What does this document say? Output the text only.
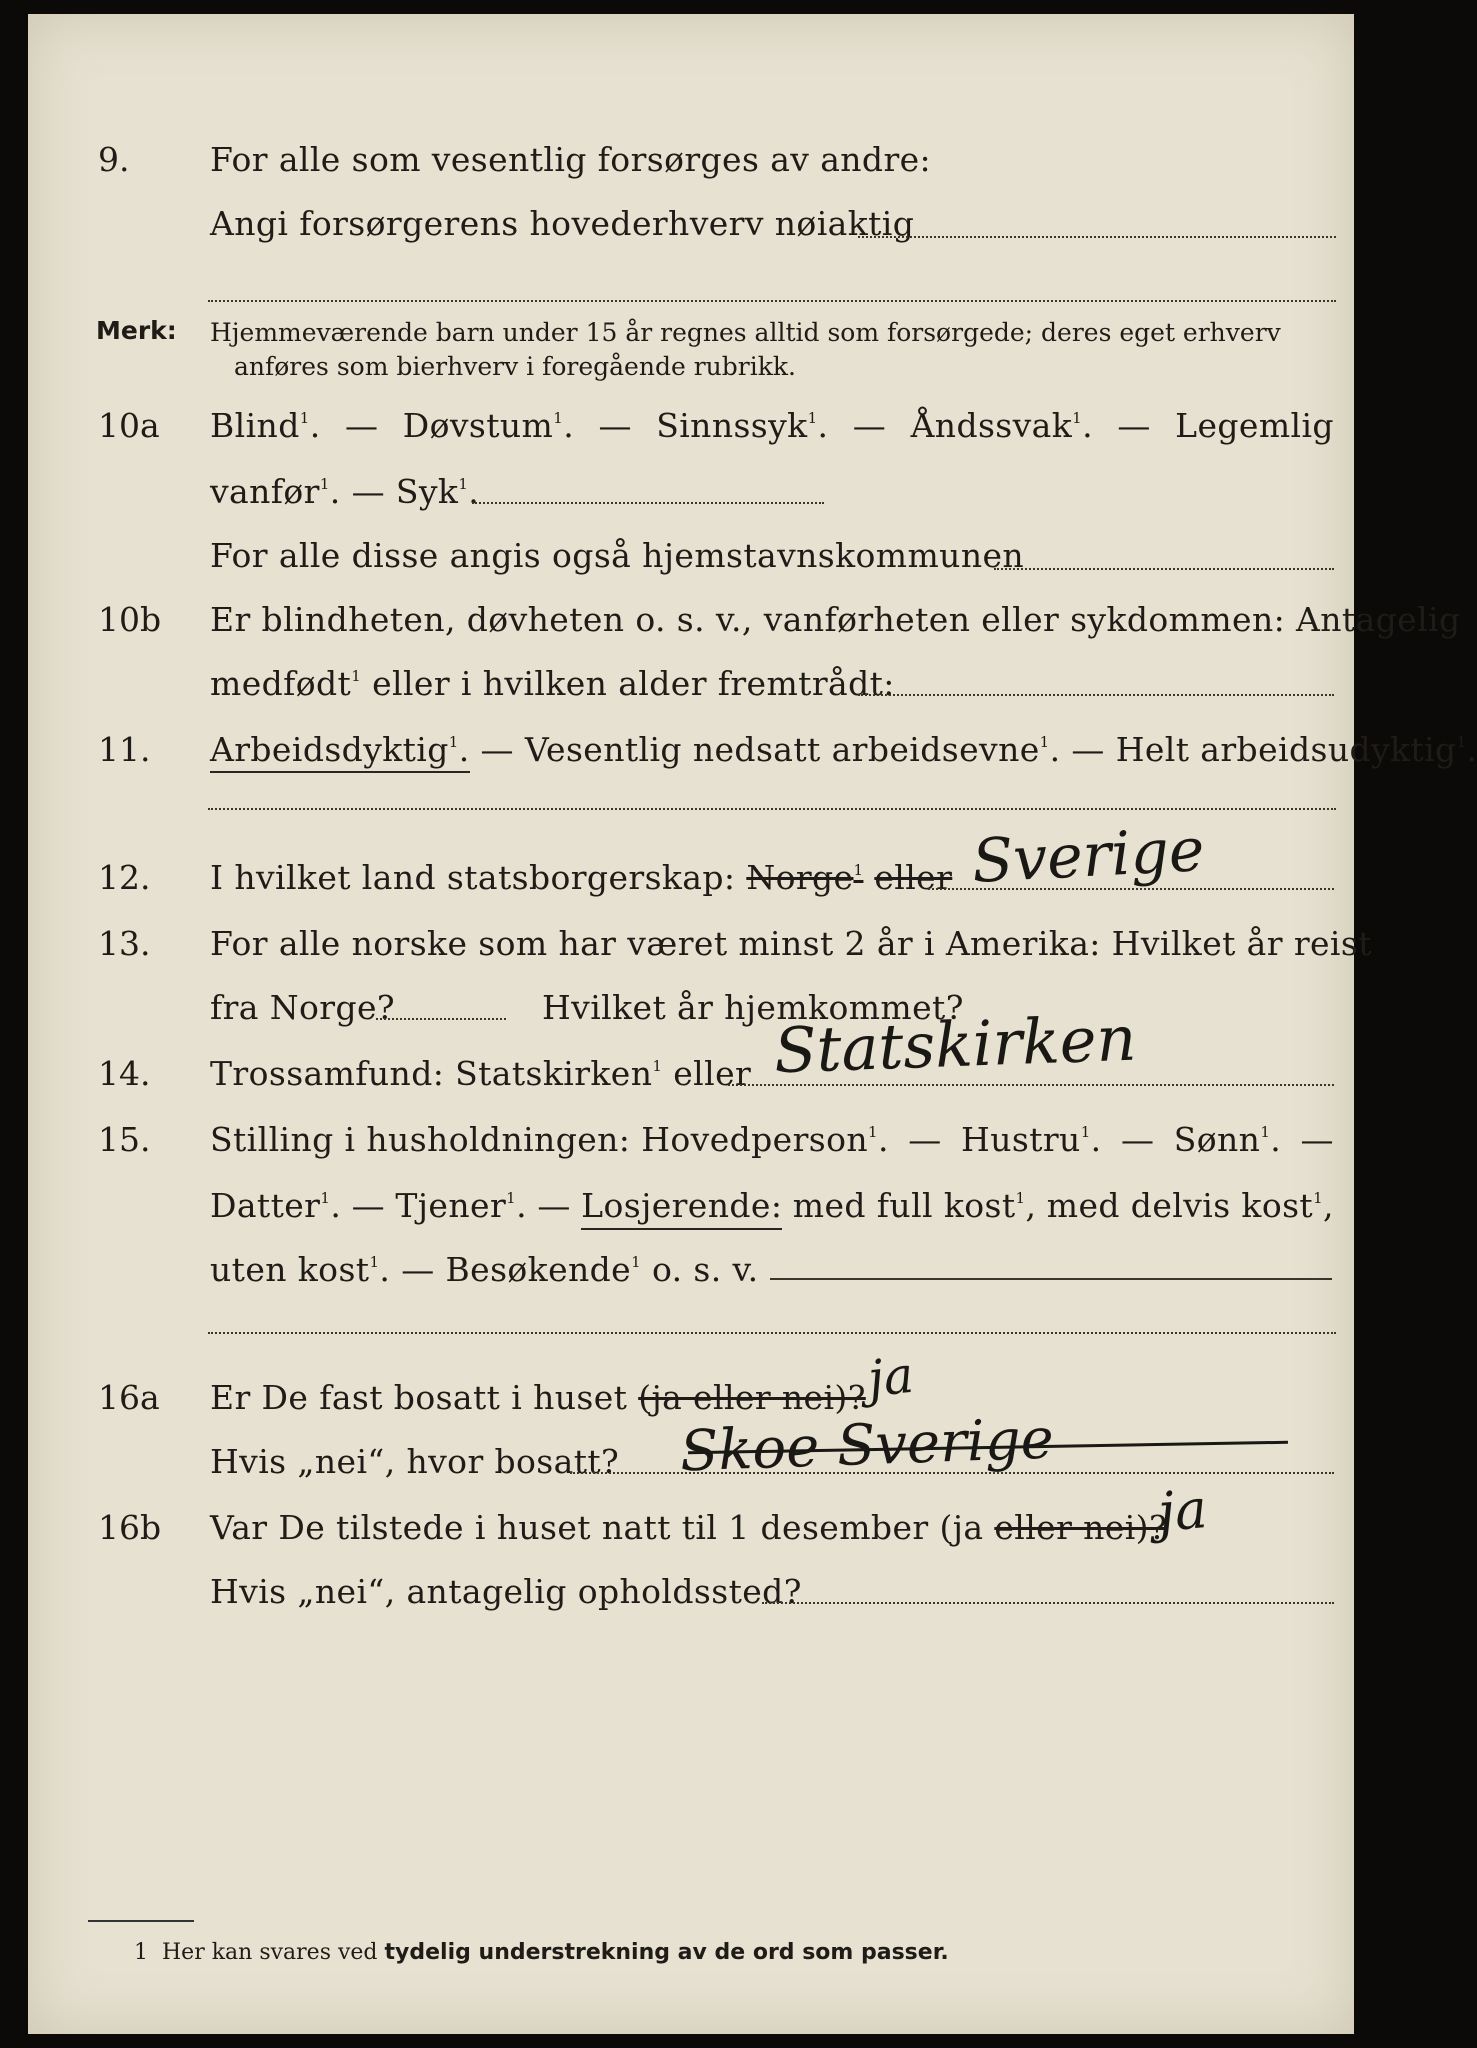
9. For alle som vesentlig forsørges av andre:
Angi forsørgerens hovederhverv nøiaktig
Merk: Hjemmeværende barn under 15 år regnes alltid som forsørgede; deres eget erhverv
anføres som bierhverv i foregående rubrikk.
10a Blind$^1$. — Døvstum$^1$. — Sinnssyk$^1$. — Åndssvak$^1$. — Legemlig
vanfør$^1$. — Syk$^1$.
For alle disse angis også hjemstavnskommunen
10b Er blindheten, døvheten o. s. v., vanførheten eller sykdommen: Antagelig
medfødt$^1$ eller i hvilken alder fremtrådt:
11. Arbeidsdyktig$^1$. — Vesentlig nedsatt arbeidsevne$^1$. — Helt arbeidsudyktig$^1$.
12. I hvilket land statsborgerskap: Norge$^1$ eller Sverige
13. For alle norske som har været minst 2 år i Amerika: Hvilket år reist
fra Norge?	Hvilket år hjemkommet?
14. Trossamfund: Statskirken$^1$ eller Statskirken
15. Stilling i husholdningen: Hovedperson$^1$. — Hustru$^1$. — Sønn$^1$. —
Datter$^1$. — Tjener$^1$. — Losjerende: med full kost$^1$, med delvis kost$^1$,
uten kost$^1$. — Besøkende$^1$ o. s. v.
16a Er De fast bosatt i huset (ja eller nei)? ja
Hvis „nei“, hvor bosatt? Skoe Sverige
16b Var De tilstede i huset natt til 1 desember (ja eller nei)?
ja
Hvis „nei“, antagelig opholdssted?
1 Her kan svares ved tydelig understrekning av de ord som passer.
